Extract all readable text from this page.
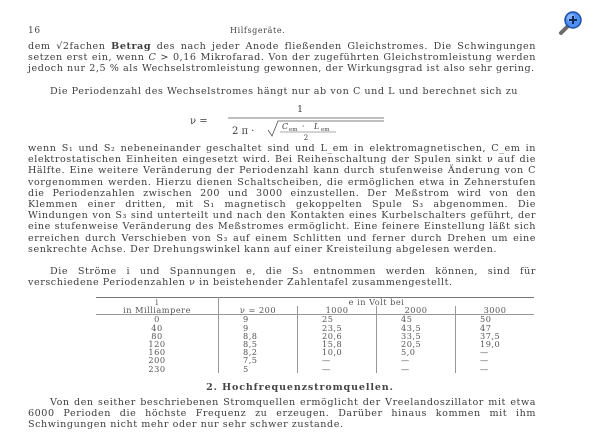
16	Hilfsgeräte.

dem √2fachen Betrag des nach jeder Anode fließenden Gleichstromes. Die Schwingungen setzen erst ein, wenn C > 0,16 Mikrofarad. Von der zugeführten Gleichstromleistung werden jedoch nur 2,5 % als Wechselstromleistung gewonnen, der Wirkungsgrad ist also sehr gering.

Die Periodenzahl des Wechselstromes hängt nur ab von C und L und berechnet sich zu

ν =
1
2 π ·	C em · L em
2

wenn S₁ und S₂ nebeneinander geschaltet sind und L_em in elektromagnetischen, C_em in elektrostatischen Einheiten eingesetzt wird. Bei Reihenschaltung der Spulen sinkt ν auf die Hälfte. Eine weitere Veränderung der Periodenzahl kann durch stufenweise Änderung von C vorgenommen werden. Hierzu dienen Schaltscheiben, die ermöglichen etwa in Zehnerstufen die Periodenzahlen zwischen 200 und 3000 einzustellen. Der Meßstrom wird von den Klemmen einer dritten, mit S₁ magnetisch gekoppelten Spule S₃ abgenommen. Die Windungen von S₃ sind unterteilt und nach den Kontakten eines Kurbelschalters geführt, der eine stufenweise Veränderung des Meßstromes ermöglicht. Eine feinere Einstellung läßt sich erreichen durch Verschieben von S₃ auf einem Schlitten und ferner durch Drehen um eine senkrechte Achse. Der Drehungswinkel kann auf einer Kreisteilung abgelesen werden.

Die Ströme i und Spannungen e, die S₃ entnommen werden können, sind für verschiedene Periodenzahlen ν in beistehender Zahlentafel zusammengestellt.

i	e in Volt bei			
in Milliampere	ν = 200	1000	2000	3000
0	9	25	45	50
40	9	23,5	43,5	47
80	8,8	20,6	33,5	37,5
120	8,5	15,8	20,5	19,0
160	8,2	10,0	5,0	—
200	7,5	—	—	—
230	5	—	—	—
2. Hochfrequenzstromquellen.

Von den seither beschriebenen Stromquellen ermöglicht der Vreelandoszillator mit etwa 6000 Perioden die höchste Frequenz zu erzeugen. Darüber hinaus kommen mit ihm Schwingungen nicht mehr oder nur sehr schwer zustande.
